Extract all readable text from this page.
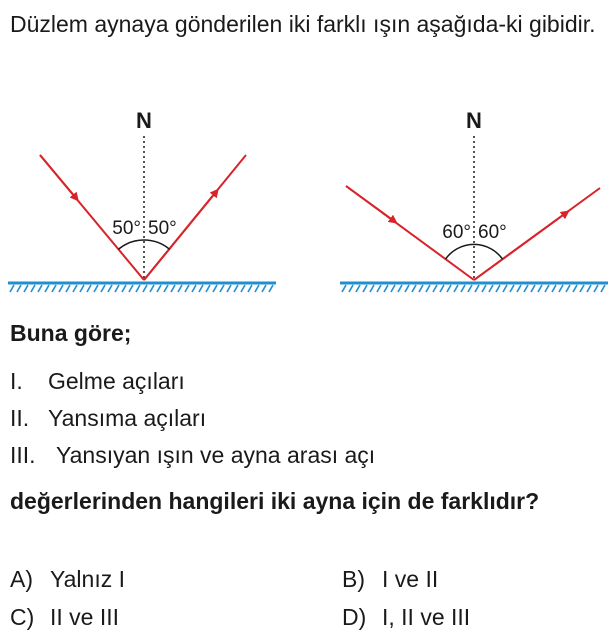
Düzlem aynaya gönderilen iki farklı ışın aşağıda-ki gibidir.

N
50° 50°
N
60° 60°
Buna göre;
I. Gelme açıları
II. Yansıma açıları
III. Yansıyan ışın ve ayna arası açı
değerlerinden hangileri iki ayna için de farklıdır?
A) Yalnız I	B) I ve II
C) II ve III	D) I, II ve III
